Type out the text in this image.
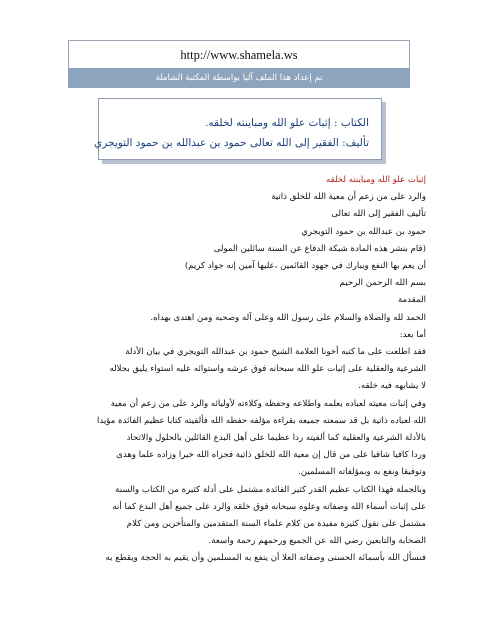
http://www.shamela.ws
تم إعداد هذا الملف آليا بواسطة المكتبة الشاملة
الكتاب : إثبات علو الله ومباينته لخلقه.
تأليف: الفقير إلى الله تعالى حمود بن عبدالله بن حمود التويجري

إثبات علو الله ومباينته لخلقه

والرد على من زعم أن معية الله للخلق ذاتية

تأليف الفقير إلى الله تعالى

حمود بن عبدالله بن حمود التويجري

(قام بنشر هذه المادة شبكة الدفاع عن السنة سائلين المولى

أن يعم بها النفع ويبارك في جهود القائمين ،عليها آمين إنه جواد كريم)

بسم الله الرحمن الرحيم

المقدمة

الحمد لله والصلاة والسلام على رسول الله وعلى آله وصحبه ومن اهتدى بهداه.

أما بعد:

فقد اطلعت على ما كتبه أخونا العلامة الشيخ حمود بن عبدالله التويجري في بيان الأدلة

الشرعية والعقلية على إثبات علو الله سبحانه فوق عرشه واستوائه عليه استواء يليق بجلاله

لا يشابهه فيه خلقه.

وفي إثبات معيته لعباده بعلمه واطلاعه وحفظه وكلاءته لأوليائه والرد على من زعم أن معية

الله لعباده ذاتية بل قد سمعته جميعه بقراءة مؤلفه حفظه الله فألفيته كتابا عظيم الفائدة مؤيدا

بالأدلة الشرعية والعقلية كما ألفيته ردا عظيما على أهل البدع القائلين بالحلول والاتحاد

وردا كافيا شافيا على من قال إن معية الله للخلق ذاتية فجزاه الله خيرا وزاده علما وهدى

وتوفيقا ونفع به وبمؤلفاته المسلمين.

وبالجملة فهذا الكتاب عظيم القدر كثير الفائدة مشتمل على أدلة كثيرة من الكتاب والسنة

على إثبات أسماء الله وصفاته وعلوه سبحانه فوق خلقه والرد على جميع أهل البدع كما أنه

مشتمل على نقول كثيرة مفيدة من كلام علماء السنة المتقدمين والمتأخرين ومن كلام

الصحابة والتابعين رضي الله عن الجميع ورحمهم رحمة واسعة.

فنسأل الله بأسمائه الحسنى وصفاته العلا أن ينفع به المسلمين وأن يقيم به الحجة ويقطع به
